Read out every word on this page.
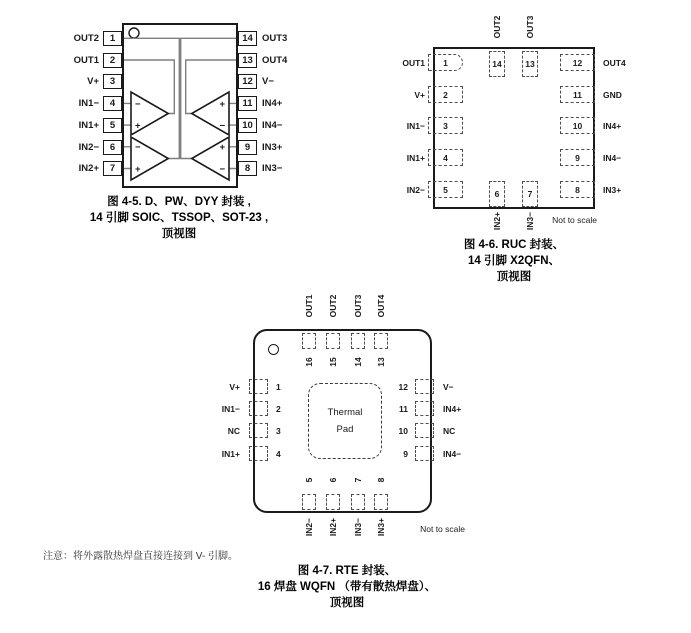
−
+
−
+
+
−
+
−
OUT2	1
OUT1	2
V+	3
IN1−	4
IN1+	5
IN2−	6
IN2+	7
14 OUT3
13 OUT4
12 V−
11 IN4+
10 IN4−
9	IN3+
8	IN3−
图 4-5. D、PW、DYY 封装 ,
14 引脚 SOIC、TSSOP、SOT-23 ,
顶视图
OUT2	OUT3
14	13
OUT1	1
V+	2
IN1−	3
IN1+	4
IN2−	5
12	OUT4
11	GND
10	IN4+
9	IN4−
8	IN3+
6	7
IN2+	IN3−	Not to scale
图 4-6. RUC 封装、
14 引脚 X2QFN、
顶视图
OUT1 OUT2 OUT3 OUT4
16 15 14 13
V+	1
IN1−	2
NC	3
IN1+	4
12	V−
11	IN4+
10	NC
9	IN4−
Thermal
Pad
5 6 7 8
IN2− IN2+ IN3− IN3+	Not to scale
图 4-7. RTE 封装、
16 焊盘 WQFN （带有散热焊盘）、
顶视图
注意：将外露散热焊盘直接连接到 V- 引脚。
